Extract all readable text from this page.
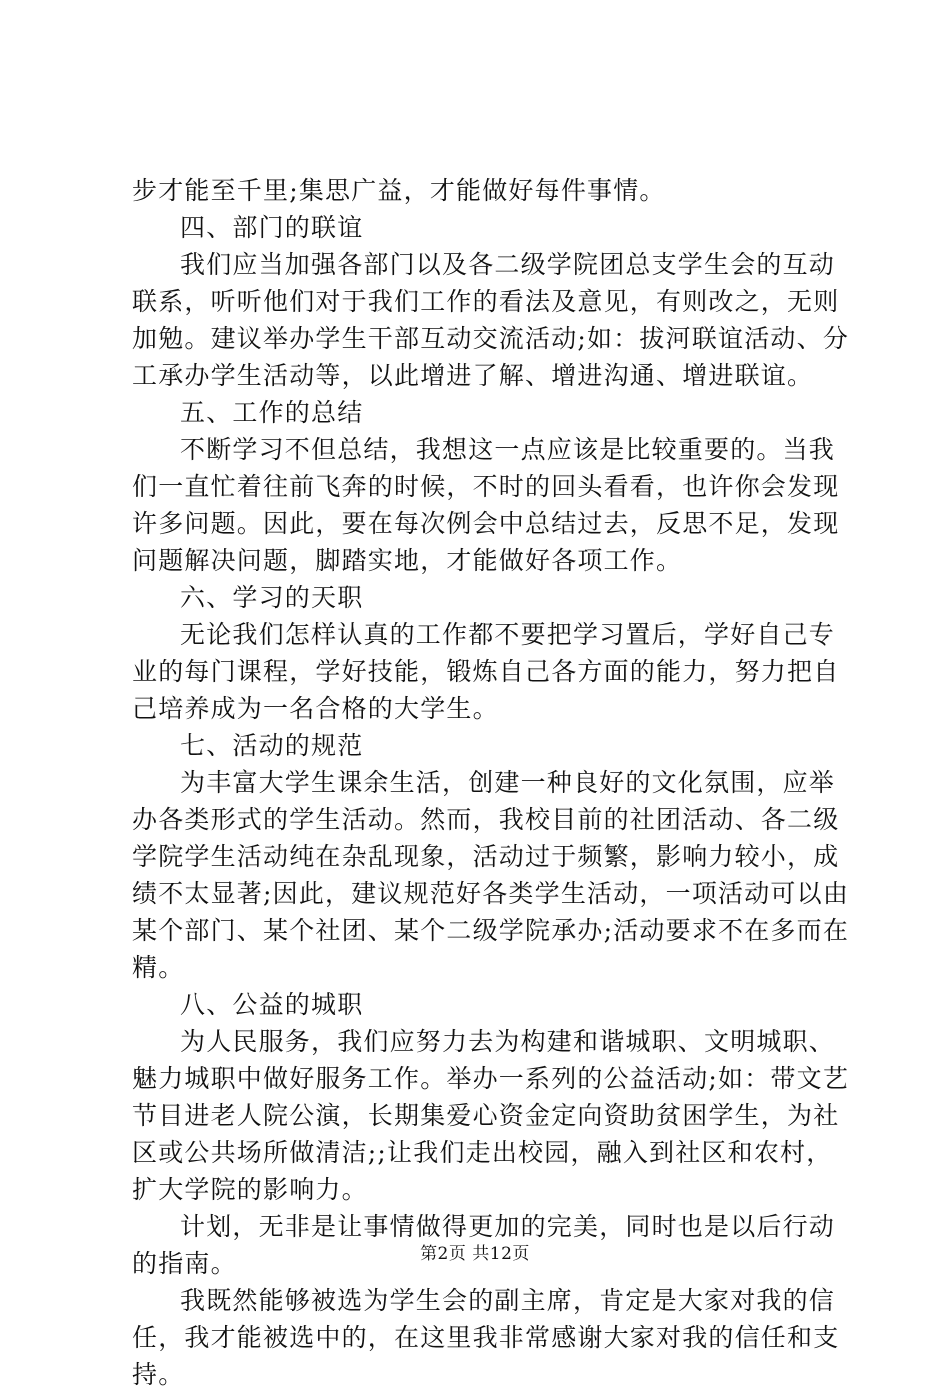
步才能至千里;集思广益，才能做好每件事情。
四、部门的联谊
我们应当加强各部门以及各二级学院团总支学生会的互动
联系，听听他们对于我们工作的看法及意见，有则改之，无则
加勉。建议举办学生干部互动交流活动;如：拔河联谊活动、分
工承办学生活动等，以此增进了解、增进沟通、增进联谊。
五、工作的总结
不断学习不但总结，我想这一点应该是比较重要的。当我
们一直忙着往前飞奔的时候，不时的回头看看，也许你会发现
许多问题。因此，要在每次例会中总结过去，反思不足，发现
问题解决问题，脚踏实地，才能做好各项工作。
六、学习的天职
无论我们怎样认真的工作都不要把学习置后，学好自己专
业的每门课程，学好技能，锻炼自己各方面的能力，努力把自
己培养成为一名合格的大学生。
七、活动的规范
为丰富大学生课余生活，创建一种良好的文化氛围，应举
办各类形式的学生活动。然而，我校目前的社团活动、各二级
学院学生活动纯在杂乱现象，活动过于频繁，影响力较小，成
绩不太显著;因此，建议规范好各类学生活动，一项活动可以由
某个部门、某个社团、某个二级学院承办;活动要求不在多而在
精。
八、公益的城职
为人民服务，我们应努力去为构建和谐城职、文明城职、
魅力城职中做好服务工作。举办一系列的公益活动;如：带文艺
节目进老人院公演，长期集爱心资金定向资助贫困学生，为社
区或公共场所做清洁;;让我们走出校园，融入到社区和农村，
扩大学院的影响力。
计划，无非是让事情做得更加的完美，同时也是以后行动
的指南。
我既然能够被选为学生会的副主席，肯定是大家对我的信
任，我才能被选中的，在这里我非常感谢大家对我的信任和支
持。
第2页 共12页
